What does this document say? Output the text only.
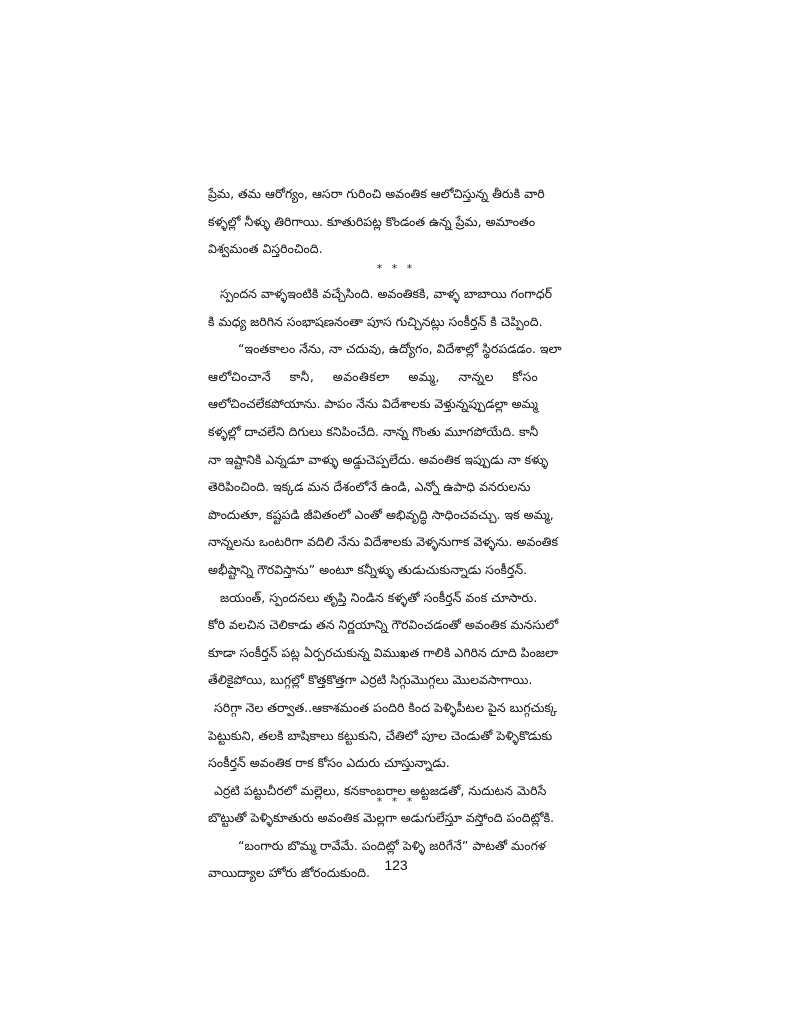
ప్రేమ, తమ ఆరోగ్యం, ఆసరా గురించి అవంతిక ఆలోచిస్తున్న తీరుకి వారి
కళ్ళల్లో నీళ్ళు తిరిగాయి. కూతురిపట్ల కొండంత ఉన్న ప్రేమ, అమాంతం
విశ్వమంత విస్తరించింది.
* * *
స్పందన వాళ్ళఇంటికి వచ్చేసింది. అవంతికకి, వాళ్ళ బాబాయి గంగాధర్
కి మధ్య జరిగిన సంభాషణనంతా పూస గుచ్చినట్లు సంకీర్తన్ కి చెప్పింది.
“ఇంతకాలం నేను, నా చదువు, ఉద్యోగం, విదేశాల్లో స్థిరపడడం. ఇలా
ఆలోచించానే కానీ, అవంతికలా అమ్మ, నాన్నల కోసం
ఆలోచించలేకపోయాను. పాపం నేను విదేశాలకు వెళ్తున్నప్పుడల్లా అమ్మ
కళ్ళల్లో దాచలేని దిగులు కనిపించేది. నాన్న గొంతు మూగపోయేది. కానీ
నా ఇష్టానికి ఎన్నడూ వాళ్ళు అడ్డుచెప్పలేదు. అవంతిక ఇప్పుడు నా కళ్ళు
తెరిపించింది. ఇక్కడ మన దేశంలోనే ఉండి, ఎన్నో ఉపాధి వనరులను
పొందుతూ, కష్టపడి జీవితంలో ఎంతో అభివృద్ధి సాధించవచ్చు. ఇక అమ్మ,
నాన్నలను ఒంటరిగా వదిలి నేను విదేశాలకు వెళ్ళనుగాక వెళ్ళను. అవంతిక
అభీష్టాన్ని గౌరవిస్తాను” అంటూ కన్నీళ్ళు తుడుచుకున్నాడు సంకీర్తన్.
జయంత్, స్పందనలు తృప్తి నిండిన కళ్ళతో సంకీర్తన్ వంక చూసారు.
కోరి వలచిన చెలికాడు తన నిర్ణయాన్ని గౌరవించడంతో అవంతిక మనసులో
కూడా సంకీర్తన్ పట్ల ఏర్పరచుకున్న విముఖత గాలికి ఎగిరిన దూది పింజలా
తేలికైపోయి, బుగ్గల్లో కొత్తకొత్తగా ఎర్రటి సిగ్గుమొగ్గలు మొలవసాగాయి.
సరిగ్గా నెల తర్వాత..ఆకాశమంత పందిరి కింద పెళ్ళిపీటల పైన బుగ్గచుక్క
పెట్టుకుని, తలకి బాషికాలు కట్టుకుని, చేతిలో పూల చెండుతో పెళ్ళికొడుకు
సంకీర్తన్ అవంతిక రాక కోసం ఎదురు చూస్తున్నాడు.
ఎర్రటి పట్టుచీరలో మల్లెలు, కనకాంబరాల అట్టజడతో, నుదుటన మెరిసే
బొట్టుతో పెళ్ళికూతురు అవంతిక మెల్లగా అడుగులేస్తూ వస్తోంది పందిట్లోకి.
“బంగారు బొమ్మ రావేమే. పందిట్లో పెళ్ళి జరిగేనే” పాటతో మంగళ
వాయిద్యాల హోరు జోరందుకుంది.
* * *
123
